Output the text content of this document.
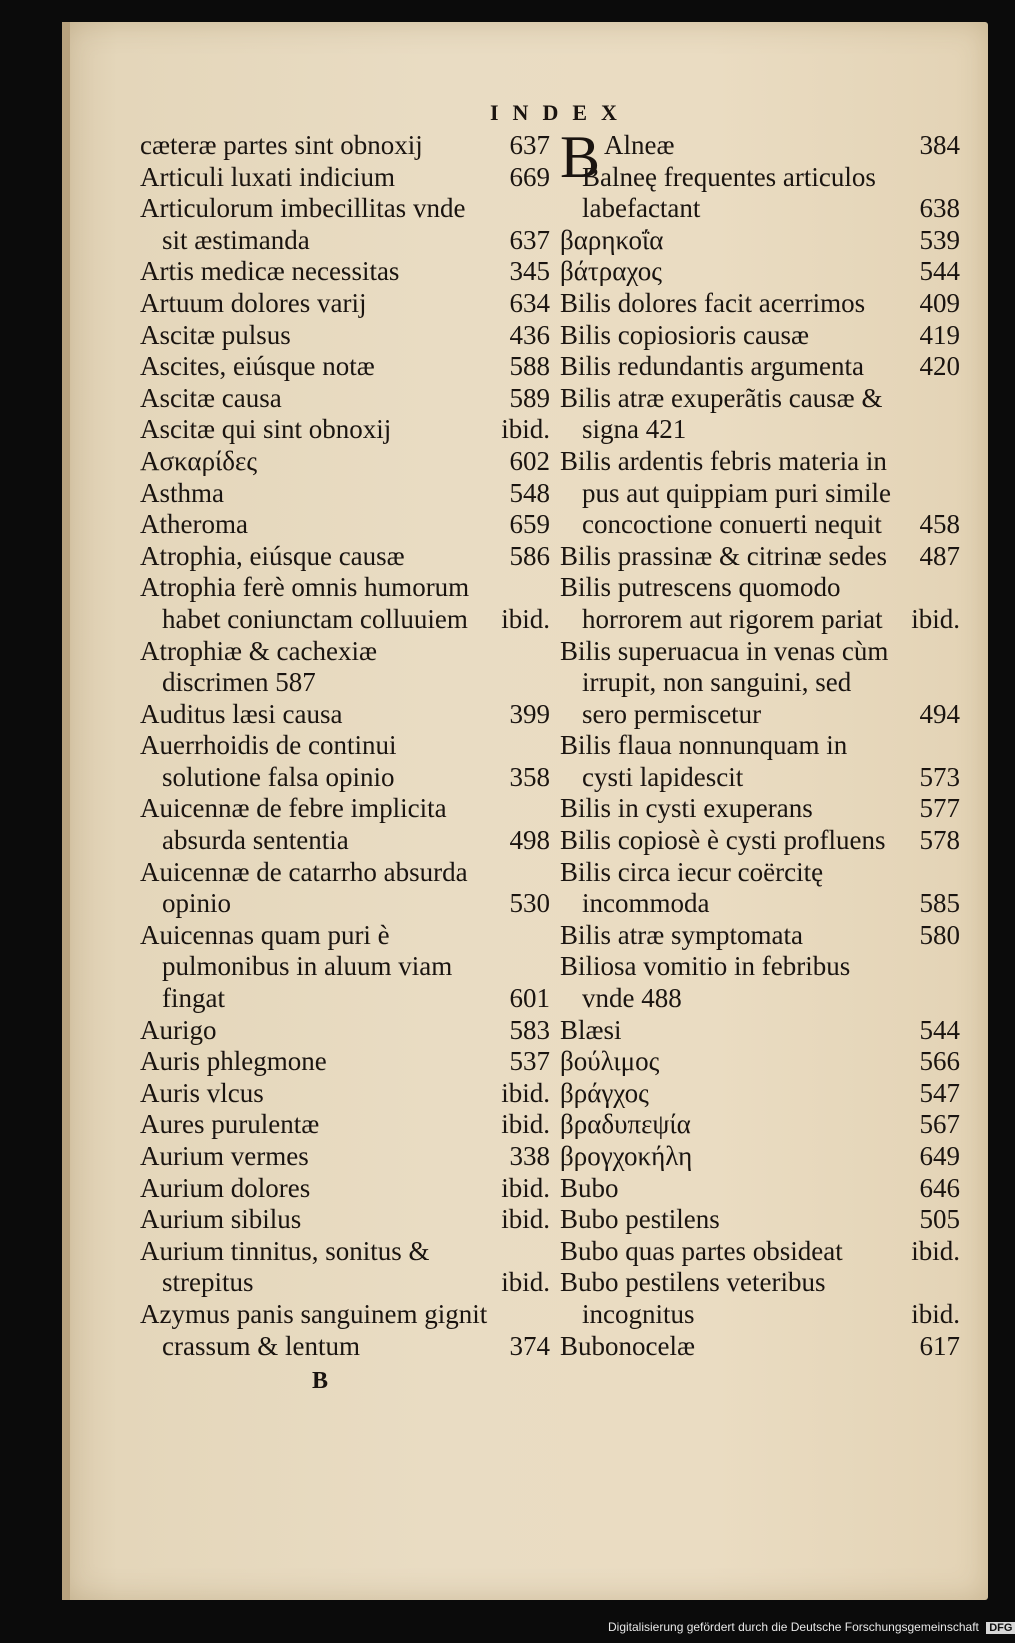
INDEX
cæteræ partes sint obnoxij	637
Articuli luxati indicium	669
Articulorum imbecillitas vnde sit æstimanda	637
Artis medicæ necessitas	345
Artuum dolores varij	634
Ascitæ pulsus	436
Ascites, eiúsque notæ	588
Ascitæ causa	589
Ascitæ qui sint obnoxij	ibid.
Ασκαρίδες	602
Asthma	548
Atheroma	659
Atrophia, eiúsque causæ	586
Atrophia ferè omnis humorum habet coniunctam colluuiem	ibid.
Atrophiæ & cachexiæ discrimen 587
Auditus læsi causa	399
Auerrhoidis de continui solutione falsa opinio	358
Auicennæ de febre implicita absurda sententia	498
Auicennæ de catarrho absurda opinio	530
Auicennas quam puri è pulmonibus in aluum viam fingat	601
Aurigo	583
Auris phlegmone	537
Auris vlcus	ibid.
Aures purulentæ	ibid.
Aurium vermes	338
Aurium dolores	ibid.
Aurium sibilus	ibid.
Aurium tinnitus, sonitus & strepitus	ibid.
Azymus panis sanguinem gignit crassum & lentum	374
B
BAlneæ	384
Balneę frequentes articulos labefactant	638
βαρηκοΐα	539
βάτραχος	544
Bilis dolores facit acerrimos	409
Bilis copiosioris causæ	419
Bilis redundantis argumenta	420
Bilis atræ exuperãtis causæ & signa 421
Bilis ardentis febris materia in pus aut quippiam puri simile concoctione conuerti nequit	458
Bilis prassinæ & citrinæ sedes	487
Bilis putrescens quomodo horrorem aut rigorem pariat	ibid.
Bilis superuacua in venas cùm irrupit, non sanguini, sed sero permiscetur	494
Bilis flaua nonnunquam in cysti lapidescit	573
Bilis in cysti exuperans	577
Bilis copiosè è cysti profluens	578
Bilis circa iecur coërcitę incommoda	585
Bilis atræ symptomata	580
Biliosa vomitio in febribus vnde 488
Blæsi	544
βούλιμος	566
βράγχος	547
βραδυπεψία	567
βρογχοκήλη	649
Bubo	646
Bubo pestilens	505
Bubo quas partes obsideat	ibid.
Bubo pestilens veteribus incognitus	ibid.
Bubonocelæ	617
Digitalisierung gefördert durch die Deutsche Forschungsgemeinschaft DFG
